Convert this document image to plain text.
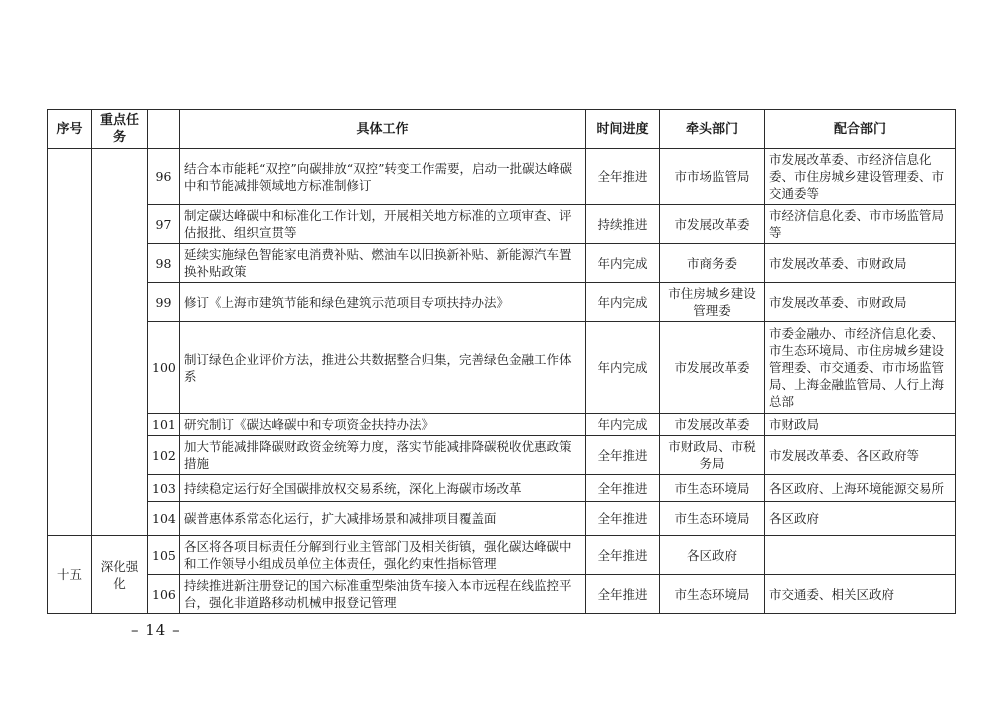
序号	重点任务		具体工作	时间进度	牵头部门	配合部门
		96	结合本市能耗“双控”向碳排放“双控”转变工作需要，启动一批碳达峰碳中和节能减排领域地方标准制修订	全年推进	市市场监管局	市发展改革委、市经济信息化委、市住房城乡建设管理委、市交通委等
		97	制定碳达峰碳中和标准化工作计划，开展相关地方标准的立项审查、评估报批、组织宣贯等	持续推进	市发展改革委	市经济信息化委、市市场监管局等
		98	延续实施绿色智能家电消费补贴、燃油车以旧换新补贴、新能源汽车置换补贴政策	年内完成	市商务委	市发展改革委、市财政局
		99	修订《上海市建筑节能和绿色建筑示范项目专项扶持办法》	年内完成	市住房城乡建设管理委	市发展改革委、市财政局
		100	制订绿色企业评价方法，推进公共数据整合归集，完善绿色金融工作体系	年内完成	市发展改革委	市委金融办、市经济信息化委、市生态环境局、市住房城乡建设管理委、市交通委、市市场监管局、上海金融监管局、人行上海总部
		101	研究制订《碳达峰碳中和专项资金扶持办法》	年内完成	市发展改革委	市财政局
		102	加大节能减排降碳财政资金统筹力度，落实节能减排降碳税收优惠政策措施	全年推进	市财政局、市税务局	市发展改革委、各区政府等
		103	持续稳定运行好全国碳排放权交易系统，深化上海碳市场改革	全年推进	市生态环境局	各区政府、上海环境能源交易所
		104	碳普惠体系常态化运行，扩大减排场景和减排项目覆盖面	全年推进	市生态环境局	各区政府
十五	深化强化	105	各区将各项目标责任分解到行业主管部门及相关街镇，强化碳达峰碳中和工作领导小组成员单位主体责任，强化约束性指标管理	全年推进	各区政府	
		106	持续推进新注册登记的国六标准重型柴油货车接入本市远程在线监控平台，强化非道路移动机械申报登记管理	全年推进	市生态环境局	市交通委、相关区政府
– 14 –
